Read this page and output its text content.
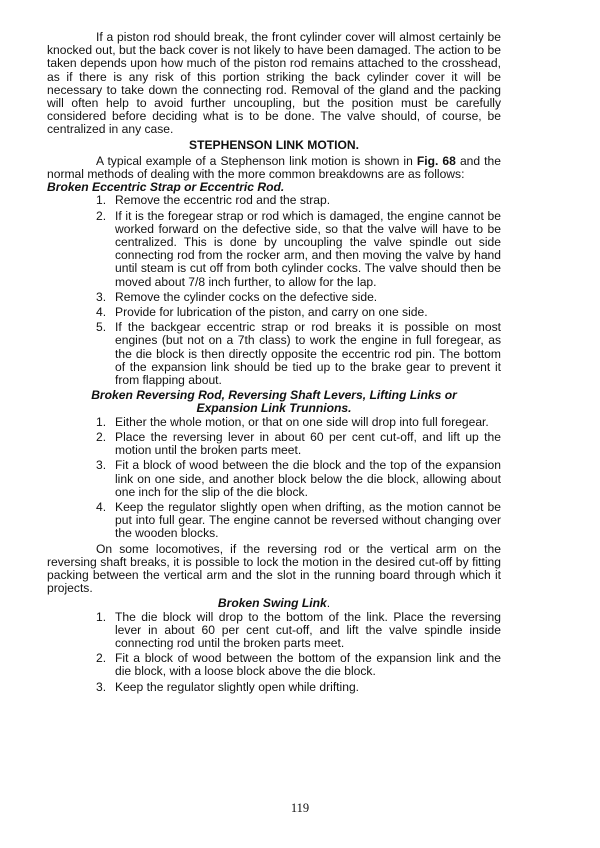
If a piston rod should break, the front cylinder cover will almost certainly be knocked out, but the back cover is not likely to have been damaged. The action to be taken depends upon how much of the piston rod remains attached to the crosshead, as if there is any risk of this portion striking the back cylinder cover it will be necessary to take down the connecting rod. Removal of the gland and the packing will often help to avoid further uncoupling, but the position must be carefully considered before deciding what is to be done. The valve should, of course, be centralized in any case.

STEPHENSON LINK MOTION.

A typical example of a Stephenson link motion is shown in Fig. 68 and the normal methods of dealing with the more common breakdowns are as follows:

Broken Eccentric Strap or Eccentric Rod.
1. Remove the eccentric rod and the strap.
2. If it is the foregear strap or rod which is damaged, the engine cannot be worked forward on the defective side, so that the valve will have to be centralized. This is done by uncoupling the valve spindle out side connecting rod from the rocker arm, and then moving the valve by hand until steam is cut off from both cylinder cocks. The valve should then be moved about 7/8 inch further, to allow for the lap.
3. Remove the cylinder cocks on the defective side.
4. Provide for lubrication of the piston, and carry on one side.
5. If the backgear eccentric strap or rod breaks it is possible on most engines (but not on a 7th class) to work the engine in full foregear, as the die block is then directly opposite the eccentric rod pin. The bottom of the expansion link should be tied up to the brake gear to prevent it from flapping about.
Broken Reversing Rod, Reversing Shaft Levers, Lifting Links or
Expansion Link Trunnions.
1. Either the whole motion, or that on one side will drop into full foregear.
2. Place the reversing lever in about 60 per cent cut-off, and lift up the motion until the broken parts meet.
3. Fit a block of wood between the die block and the top of the expansion link on one side, and another block below the die block, allowing about one inch for the slip of the die block.
4. Keep the regulator slightly open when drifting, as the motion cannot be put into full gear. The engine cannot be reversed without changing over the wooden blocks.

On some locomotives, if the reversing rod or the vertical arm on the reversing shaft breaks, it is possible to lock the motion in the desired cut-off by fitting packing between the vertical arm and the slot in the running board through which it projects.

Broken Swing Link.
1. The die block will drop to the bottom of the link. Place the reversing lever in about 60 per cent cut-off, and lift the valve spindle inside connecting rod until the broken parts meet.
2. Fit a block of wood between the bottom of the expansion link and the die block, with a loose block above the die block.
3. Keep the regulator slightly open while drifting.
119
